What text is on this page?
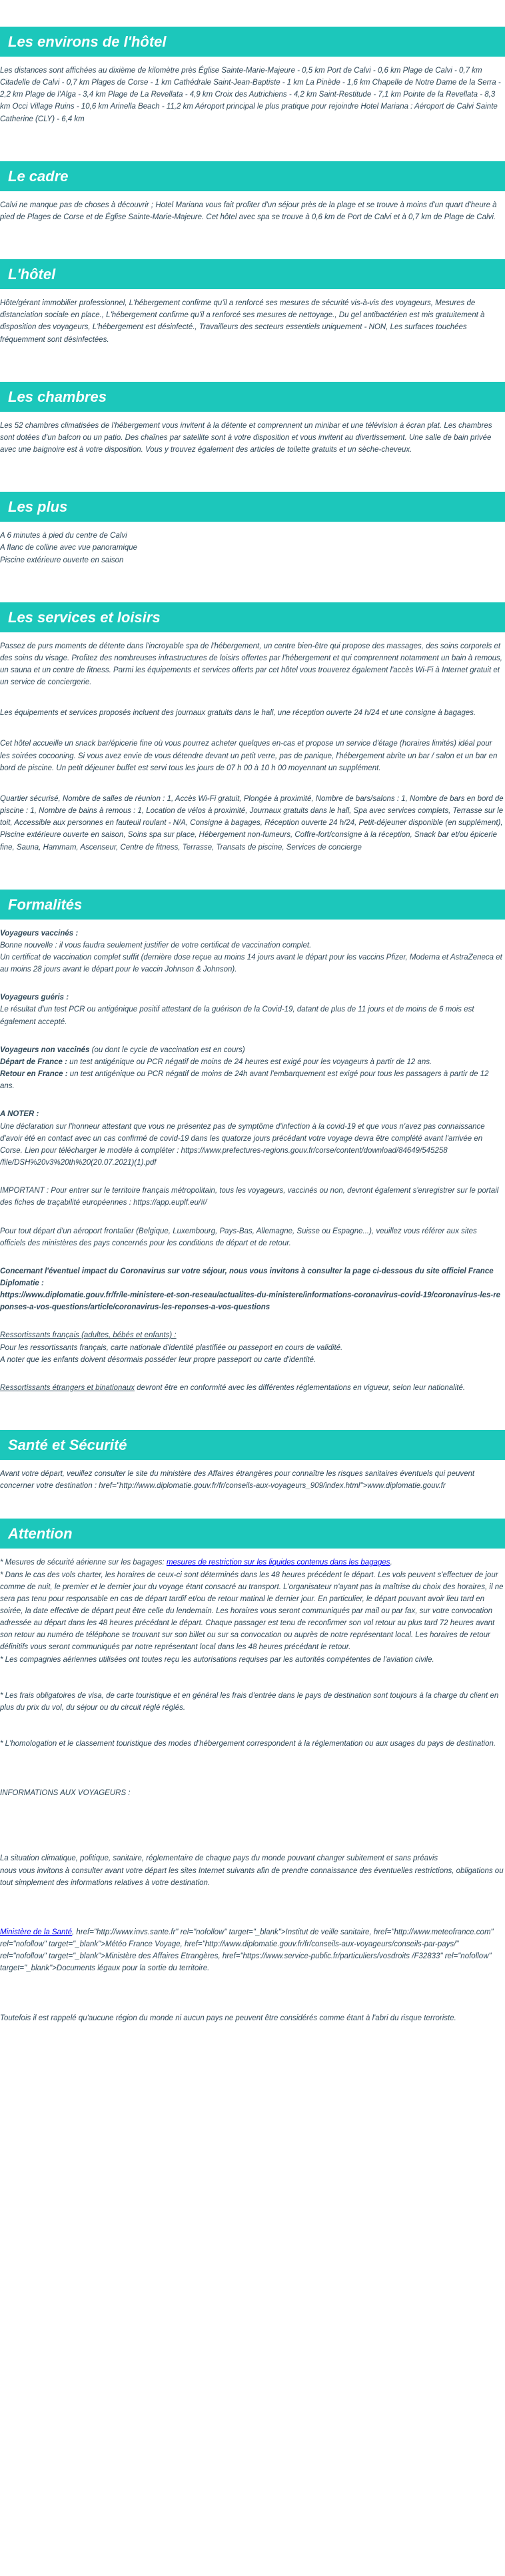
Les environs de l'hôtel
Les distances sont affichées au dixième de kilomètre près Église Sainte-Marie-Majeure - 0,5 km Port de Calvi - 0,6 km Plage de Calvi - 0,7 km Citadelle de Calvi - 0,7 km Plages de Corse - 1 km Cathédrale Saint-Jean-Baptiste - 1 km La Pinède - 1,6 km Chapelle de Notre Dame de la Serra - 2,2 km Plage de l'Alga - 3,4 km Plage de La Revellata - 4,9 km Croix des Autrichiens - 4,2 km Saint-Restitude - 7,1 km Pointe de la Revellata - 8,3 km Occi Village Ruins - 10,6 km Arinella Beach - 11,2 km Aéroport principal le plus pratique pour rejoindre Hotel Mariana : Aéroport de Calvi Sainte Catherine (CLY) - 6,4 km
Le cadre
Calvi ne manque pas de choses à découvrir ; Hotel Mariana vous fait profiter d'un séjour près de la plage et se trouve à moins d'un quart d'heure à pied de Plages de Corse et de Église Sainte-Marie-Majeure. Cet hôtel avec spa se trouve à 0,6 km de Port de Calvi et à 0,7 km de Plage de Calvi.
L'hôtel
Hôte/gérant immobilier professionnel, L'hébergement confirme qu'il a renforcé ses mesures de sécurité vis-à-vis des voyageurs, Mesures de distanciation sociale en place., L'hébergement confirme qu'il a renforcé ses mesures de nettoyage., Du gel antibactérien est mis gratuitement à disposition des voyageurs, L'hébergement est désinfecté., Travailleurs des secteurs essentiels uniquement - NON, Les surfaces touchées fréquemment sont désinfectées.
Les chambres
Les 52 chambres climatisées de l'hébergement vous invitent à la détente et comprennent un minibar et une télévision à écran plat. Les chambres sont dotées d'un balcon ou un patio. Des chaînes par satellite sont à votre disposition et vous invitent au divertissement. Une salle de bain privée avec une baignoire est à votre disposition. Vous y trouvez également des articles de toilette gratuits et un sèche-cheveux.
Les plus
A 6 minutes à pied du centre de Calvi
A flanc de colline avec vue panoramique
Piscine extérieure ouverte en saison
Les services et loisirs
Passez de purs moments de détente dans l'incroyable spa de l'hébergement, un centre bien-être qui propose des massages, des soins corporels et des soins du visage. Profitez des nombreuses infrastructures de loisirs offertes par l'hébergement et qui comprennent notamment un bain à remous, un sauna et un centre de fitness. Parmi les équipements et services offerts par cet hôtel vous trouverez également l'accès Wi-Fi à Internet gratuit et un service de conciergerie.
Les équipements et services proposés incluent des journaux gratuits dans le hall, une réception ouverte 24 h/24 et une consigne à bagages.
Cet hôtel accueille un snack bar/épicerie fine où vous pourrez acheter quelques en-cas et propose un service d'étage (horaires limités) idéal pour les soirées cocooning. Si vous avez envie de vous détendre devant un petit verre, pas de panique, l'hébergement abrite un bar / salon et un bar en bord de piscine. Un petit déjeuner buffet est servi tous les jours de 07 h 00 à 10 h 00 moyennant un supplément.
Quartier sécurisé, Nombre de salles de réunion : 1, Accès Wi-Fi gratuit, Plongée à proximité, Nombre de bars/salons : 1, Nombre de bars en bord de piscine : 1, Nombre de bains à remous : 1, Location de vélos à proximité, Journaux gratuits dans le hall, Spa avec services complets, Terrasse sur le toit, Accessible aux personnes en fauteuil roulant - N/A, Consigne à bagages, Réception ouverte 24 h/24, Petit-déjeuner disponible (en supplément), Piscine extérieure ouverte en saison, Soins spa sur place, Hébergement non-fumeurs, Coffre-fort/consigne à la réception, Snack bar et/ou épicerie fine, Sauna, Hammam, Ascenseur, Centre de fitness, Terrasse, Transats de piscine, Services de concierge
Formalités
Voyageurs vaccinés :
Bonne nouvelle : il vous faudra seulement justifier de votre certificat de vaccination complet.
Un certificat de vaccination complet suffit (dernière dose reçue au moins 14 jours avant le départ pour les vaccins Pfizer, Moderna et AstraZeneca et au moins 28 jours avant le départ pour le vaccin Johnson & Johnson).
Voyageurs guéris :
Le résultat d'un test PCR ou antigénique positif attestant de la guérison de la Covid-19, datant de plus de 11 jours et de moins de 6 mois est également accepté.
Voyageurs non vaccinés (ou dont le cycle de vaccination est en cours)
Départ de France : un test antigénique ou PCR négatif de moins de 24 heures est exigé pour les voyageurs à partir de 12 ans.
Retour en France : un test antigénique ou PCR négatif de moins de 24h avant l'embarquement est exigé pour tous les passagers à partir de 12 ans.
A NOTER :
Une déclaration sur l'honneur attestant que vous ne présentez pas de symptôme d'infection à la covid-19 et que vous n'avez pas connaissance d'avoir été en contact avec un cas confirmé de covid-19 dans les quatorze jours précédant votre voyage devra être complété avant l'arrivée en Corse. Lien pour télécharger le modèle à compléter : https://www.prefectures-regions.gouv.fr/corse/content/download/84649/545258 /file/DSH%20v3%20th%20(20.07.2021)(1).pdf
IMPORTANT : Pour entrer sur le territoire français métropolitain, tous les voyageurs, vaccinés ou non, devront également s'enregistrer sur le portail des fiches de traçabilité européennes : https://app.euplf.eu/#/
Pour tout départ d'un aéroport frontalier (Belgique, Luxembourg, Pays-Bas, Allemagne, Suisse ou Espagne...), veuillez vous référer aux sites officiels des ministères des pays concernés pour les conditions de départ et de retour.
Concernant l'éventuel impact du Coronavirus sur votre séjour, nous vous invitons à consulter la page ci-dessous du site officiel France Diplomatie :
https://www.diplomatie.gouv.fr/fr/le-ministere-et-son-reseau/actualites-du-ministere/informations-coronavirus-covid-19/coronavirus-les-reponses-a-vos-questions/article/coronavirus-les-reponses-a-vos-questions
Ressortissants français (adultes, bébés et enfants) :
Pour les ressortissants français, carte nationale d'identité plastifiée ou passeport en cours de validité.
A noter que les enfants doivent désormais posséder leur propre passeport ou carte d'identité.
Ressortissants étrangers et binationaux devront être en conformité avec les différentes réglementations en vigueur, selon leur nationalité.
Santé et Sécurité
Avant votre départ, veuillez consulter le site du ministère des Affaires étrangères pour connaître les risques sanitaires éventuels qui peuvent concerner votre destination : href="http://www.diplomatie.gouv.fr/fr/conseils-aux-voyageurs_909/index.html">www.diplomatie.gouv.fr
Attention
* Mesures de sécurité aérienne sur les bagages: mesures de restriction sur les liquides contenus dans les bagages.
* Dans le cas des vols charter, les horaires de ceux-ci sont déterminés dans les 48 heures précédent le départ. Les vols peuvent s'effectuer de jour comme de nuit, le premier et le dernier jour du voyage étant consacré au transport. L'organisateur n'ayant pas la maîtrise du choix des horaires, il ne sera pas tenu pour responsable en cas de départ tardif et/ou de retour matinal le dernier jour. En particulier, le départ pouvant avoir lieu tard en soirée, la date effective de départ peut être celle du lendemain. Les horaires vous seront communiqués par mail ou par fax, sur votre convocation adressée au départ dans les 48 heures précédant le départ. Chaque passager est tenu de reconfirmer son vol retour au plus tard 72 heures avant son retour au numéro de téléphone se trouvant sur son billet ou sur sa convocation ou auprès de notre représentant local. Les horaires de retour définitifs vous seront communiqués par notre représentant local dans les 48 heures précédant le retour.
* Les compagnies aériennes utilisées ont toutes reçu les autorisations requises par les autorités compétentes de l'aviation civile.
* Les frais obligatoires de visa, de carte touristique et en général les frais d'entrée dans le pays de destination sont toujours à la charge du client en plus du prix du vol, du séjour ou du circuit réglé réglés.
* L'homologation et le classement touristique des modes d'hébergement correspondent à la réglementation ou aux usages du pays de destination.
INFORMATIONS AUX VOYAGEURS :
La situation climatique, politique, sanitaire, réglementaire de chaque pays du monde pouvant changer subitement et sans préavis
nous vous invitons à consulter avant votre départ les sites Internet suivants afin de prendre connaissance des éventuelles restrictions, obligations ou tout simplement des informations relatives à votre destination.
Ministère de la Santé, href="http://www.invs.sante.fr" rel="nofollow" target="_blank">Institut de veille sanitaire, href="http://www.meteofrance.com" rel="nofollow" target="_blank">Météo France Voyage, href="http://www.diplomatie.gouv.fr/fr/conseils-aux-voyageurs/conseils-par-pays/" rel="nofollow" target="_blank">Ministère des Affaires Etrangères, href="https://www.service-public.fr/particuliers/vosdroits /F32833" rel="nofollow" target="_blank">Documents légaux pour la sortie du territoire.
Toutefois il est rappelé qu'aucune région du monde ni aucun pays ne peuvent être considérés comme étant à l'abri du risque terroriste.
